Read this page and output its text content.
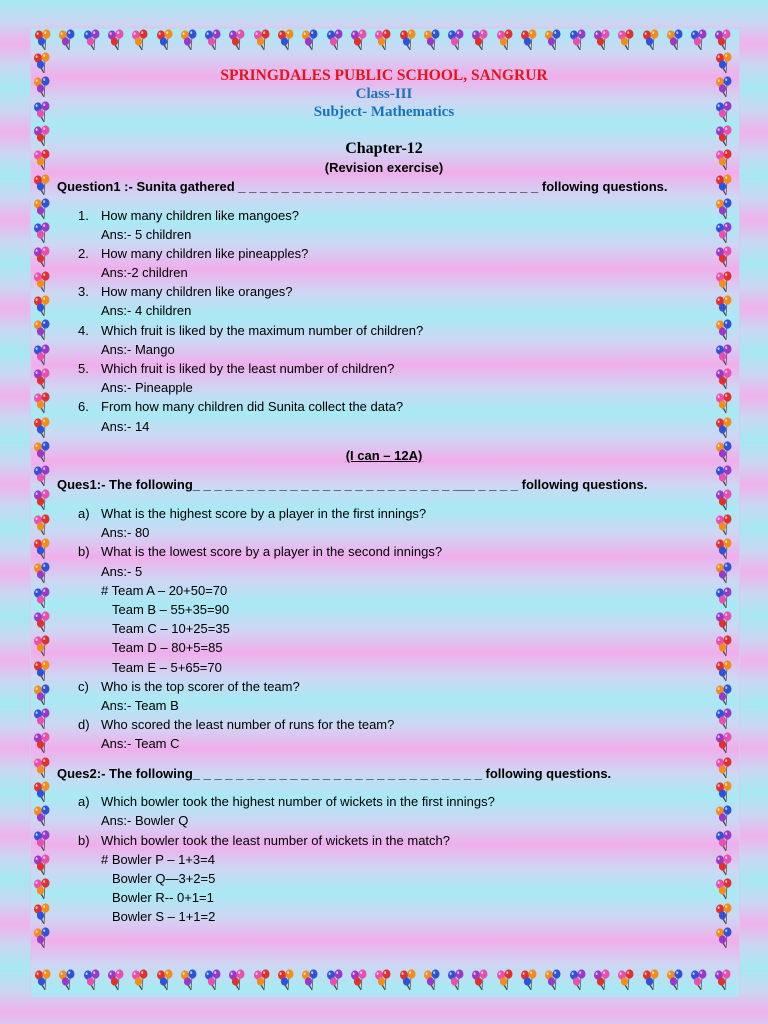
SPRINGDALES PUBLIC SCHOOL, SANGRUR
Class-III
Subject- Mathematics
Chapter-12
(Revision exercise)
Question1 :- Sunita gathered _ _ _ _ _ _ _ _ _ _ _ _ _ _ _ _ _ _ _ _ _ _ _ _ _ _ _ _ following questions.
1. How many children like mangoes?
Ans:- 5 children
2. How many children like pineapples?
Ans:-2 children
3. How many children like oranges?
Ans:- 4 children
4. Which fruit is liked by the maximum number of children?
Ans:- Mango
5. Which fruit is liked by the least number of children?
Ans:- Pineapple
6. From how many children did Sunita collect the data?
Ans:- 14
(I can – 12A)
Ques1:- The following_ _ _ _ _ _ _ _ _ _ _ _ _ _ _ _ _ _ _ _ _ _ _ _ ___ _ _ _ _ following questions.
a) What is the highest score by a player in the first innings?
Ans:- 80
b) What is the lowest score by a player in the second innings?
Ans:- 5
# Team A – 20+50=70
Team B – 55+35=90
Team C – 10+25=35
Team D – 80+5=85
Team E – 5+65=70
c) Who is the top scorer of the team?
Ans:- Team B
d) Who scored the least number of runs for the team?
Ans:- Team C
Ques2:- The following_ _ _ _ _ _ _ _ _ _ _ _ _ _ _ _ _ _ _ _ _ _ _ _ _ _ _ following questions.
a) Which bowler took the highest number of wickets in the first innings?
Ans:- Bowler Q
b) Which bowler took the least number of wickets in the match?
# Bowler P – 1+3=4
Bowler Q—3+2=5
Bowler R-- 0+1=1
Bowler S – 1+1=2
